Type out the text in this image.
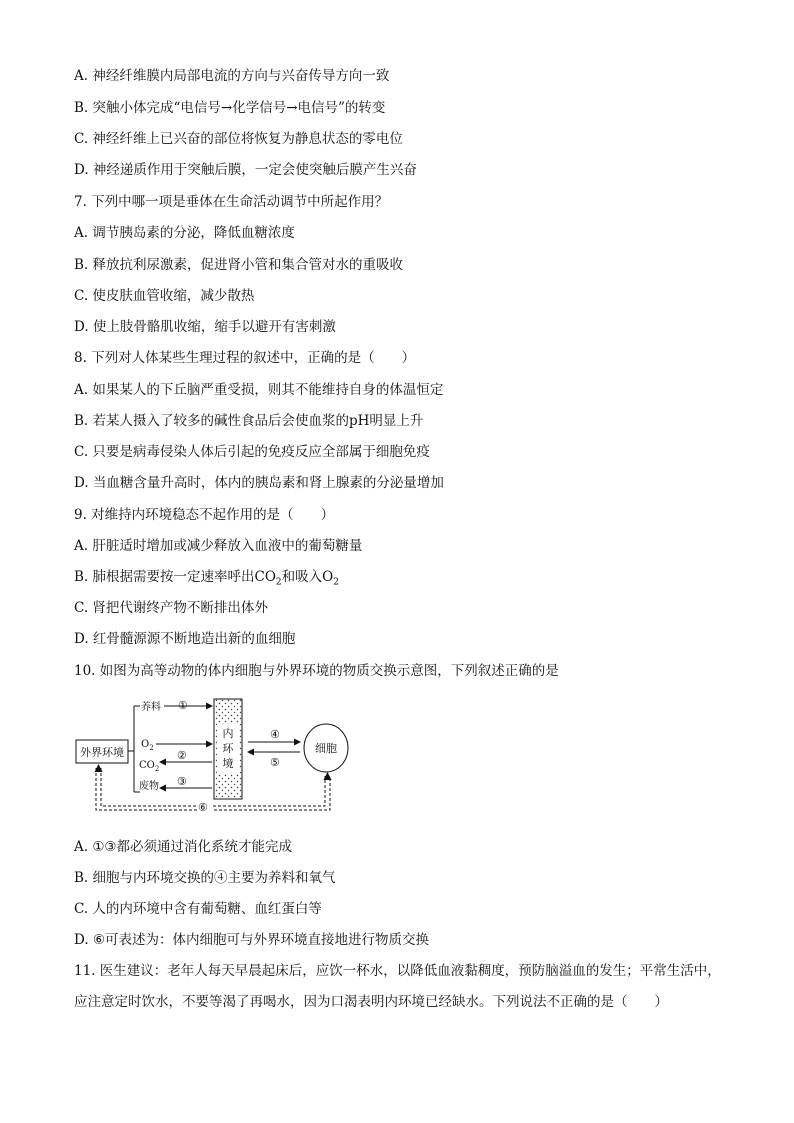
A. 神经纤维膜内局部电流的方向与兴奋传导方向一致
B. 突触小体完成“电信号→化学信号→电信号”的转变
C. 神经纤维上已兴奋的部位将恢复为静息状态的零电位
D. 神经递质作用于突触后膜，一定会使突触后膜产生兴奋
7. 下列中哪一项是垂体在生命活动调节中所起作用？
A. 调节胰岛素的分泌，降低血糖浓度
B. 释放抗利尿激素，促进肾小管和集合管对水的重吸收
C. 使皮肤血管收缩，减少散热
D. 使上肢骨骼肌收缩，缩手以避开有害刺激
8. 下列对人体某些生理过程的叙述中，正确的是（　　）
A. 如果某人的下丘脑严重受损，则其不能维持自身的体温恒定
B. 若某人摄入了较多的碱性食品后会使血浆的pH明显上升
C. 只要是病毒侵染人体后引起的免疫反应全部属于细胞免疫
D. 当血糖含量升高时，体内的胰岛素和肾上腺素的分泌量增加
9. 对维持内环境稳态不起作用的是（　　）
A. 肝脏适时增加或减少释放入血液中的葡萄糖量
B. 肺根据需要按一定速率呼出$CO_2$和吸入$O_2$
C. 肾把代谢终产物不断排出体外
D. 红骨髓源源不断地造出新的血细胞
10. 如图为高等动物的体内细胞与外界环境的物质交换示意图，下列叙述正确的是
外界环境
养料
$O_2$
$CO_2$
废物
①
②
③
内
环
境
④
⑤
细胞
⑥
A. ①③都必须通过消化系统才能完成
B. 细胞与内环境交换的④主要为养料和氧气
C. 人的内环境中含有葡萄糖、血红蛋白等
D. ⑥可表述为：体内细胞可与外界环境直接地进行物质交换
11. 医生建议：老年人每天早晨起床后，应饮一杯水，以降低血液黏稠度，预防脑溢血的发生；平常生活中，应注意定时饮水，不要等渴了再喝水，因为口渴表明内环境已经缺水。下列说法不正确的是（　　）
